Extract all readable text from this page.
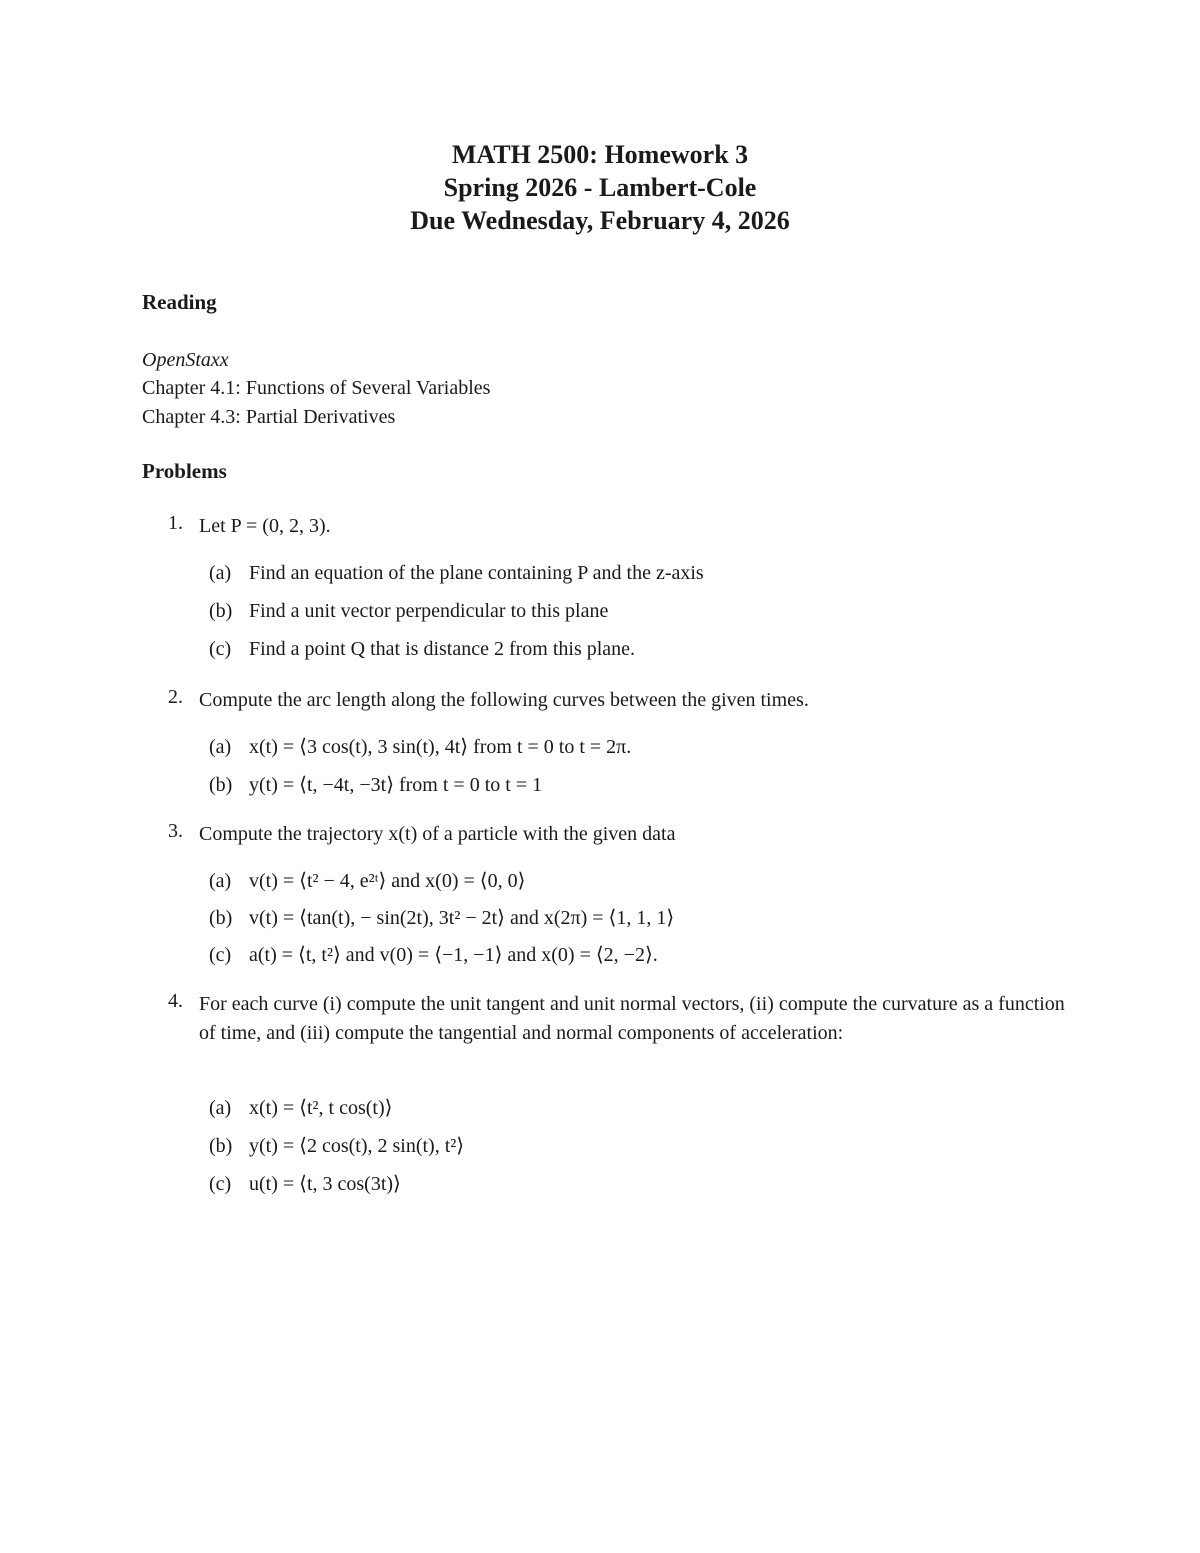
MATH 2500: Homework 3
Spring 2026 - Lambert-Cole
Due Wednesday, February 4, 2026
Reading
OpenStaxx
Chapter 4.1: Functions of Several Variables
Chapter 4.3: Partial Derivatives
Problems
1. Let P = (0, 2, 3).
(a) Find an equation of the plane containing P and the z-axis
(b) Find a unit vector perpendicular to this plane
(c) Find a point Q that is distance 2 from this plane.
2. Compute the arc length along the following curves between the given times.
(a) x(t) = ⟨3 cos(t), 3 sin(t), 4t⟩ from t = 0 to t = 2π.
(b) y(t) = ⟨t, −4t, −3t⟩ from t = 0 to t = 1
3. Compute the trajectory x(t) of a particle with the given data
(a) v(t) = ⟨t² − 4, e²ᵗ⟩ and x(0) = ⟨0, 0⟩
(b) v(t) = ⟨tan(t), − sin(2t), 3t² − 2t⟩ and x(2π) = ⟨1, 1, 1⟩
(c) a(t) = ⟨t, t²⟩ and v(0) = ⟨−1, −1⟩ and x(0) = ⟨2, −2⟩.
4. For each curve (i) compute the unit tangent and unit normal vectors, (ii) compute the curvature as a function of time, and (iii) compute the tangential and normal components of acceleration:
(a) x(t) = ⟨t², t cos(t)⟩
(b) y(t) = ⟨2 cos(t), 2 sin(t), t²⟩
(c) u(t) = ⟨t, 3 cos(3t)⟩
